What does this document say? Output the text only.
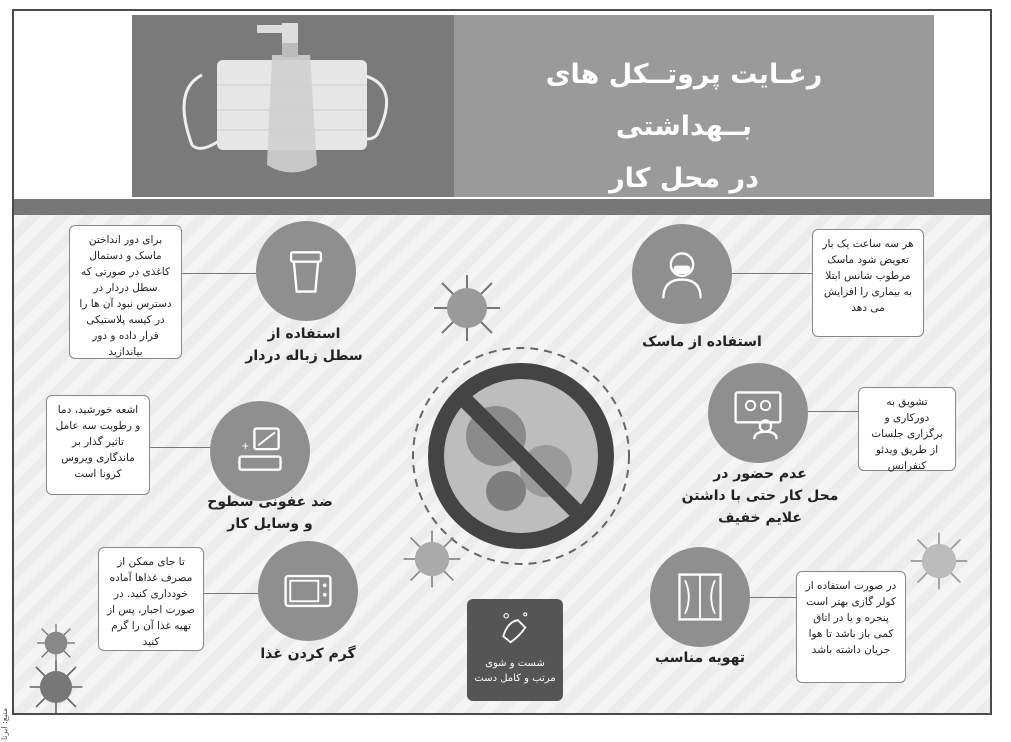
رعـایت پروتــکل های بــهداشتی
در محل کار
استفاده از ماسک
هر سه ساعت یک بار تعویض شود ماسک مرطوب شانس ابتلا به بیماری را افزایش می دهد
استفاده از
سطل زباله دردار
برای دور انداختن ماسک و دستمال کاغذی در صورتی که سطل دردار در دسترس نبود آن ها را در کیسه پلاستیکی قرار داده و دور بیاندازید
عدم حضور در
محل کار حتی با داشتن
علایم خفیف
تشویق به دورکاری و برگزاری جلسات از طریق ویدئو کنفرانس
+
ضد عفونی سطوح
و وسایل کار
اشعه خورشید، دما و رطوبت سه عامل تاثیر گذار بر ماندگاری ویروس کرونا است
تهویه مناسب
در صورت استفاده از کولر گازی بهتر است پنجره و یا در اتاق کمی باز باشد تا هوا جریان داشته باشد
گرم کردن غذا
تا جای ممکن از مصرف غذاها آماده خودداری کنید. در صورت اجبار، پس از تهیه غذا آن را گرم کنید
شست و شوی
مرتب و کامل دست
منبع: ایرنا
